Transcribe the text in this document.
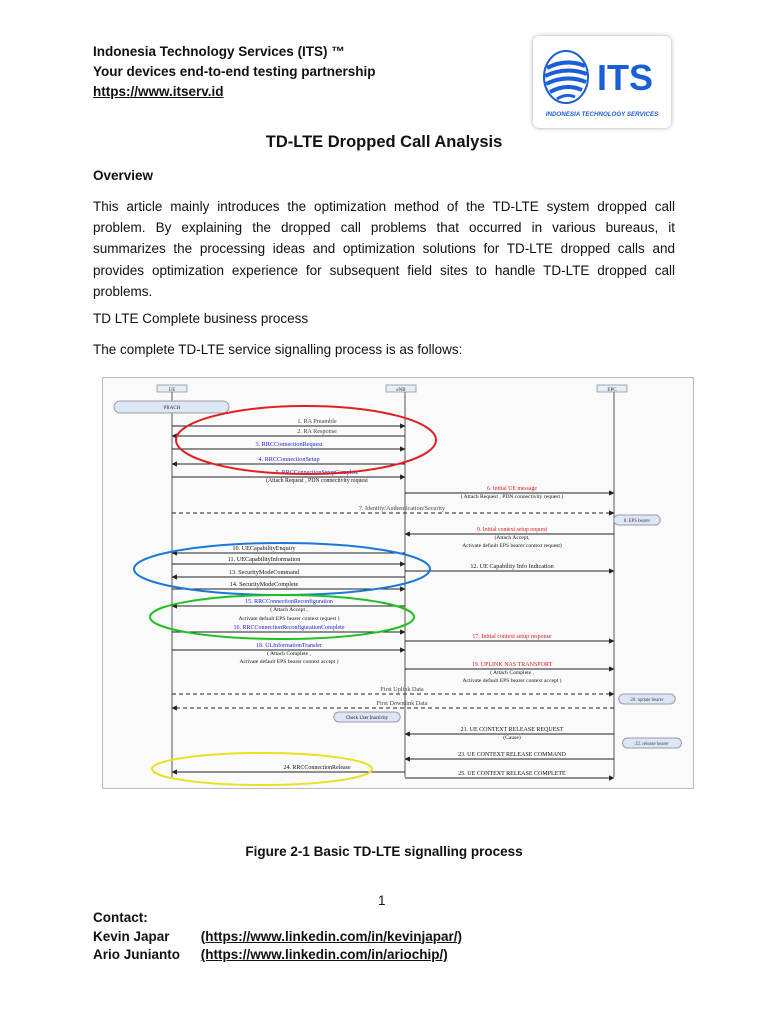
Indonesia Technology Services (ITS) ™
Your devices end-to-end testing partnership
https://www.itserv.id	ITS
INDONESIA TECHNOLOGY SERVICES
TD-LTE Dropped Call Analysis
Overview
This article mainly introduces the optimization method of the TD-LTE system dropped call problem. By explaining the dropped call problems that occurred in various bureaus, it summarizes the processing ideas and optimization solutions for TD-LTE dropped calls and provides optimization experience for subsequent field sites to handle TD-LTE dropped call problems.
TD LTE Complete business process
The complete TD-LTE service signalling process is as follows:
UE	eNB	EPC
PRACH
1. RA Preamble
2. RA Response
3. RRCConnectionRequest
4. RRCConnectionSetup
5. RRCConnectionSetupComplete
(Attach Request , PDN connectivity request
6. Initial UE message
( Attach Request , PDN connectivity request )
7. Identity/Authentication/Security
8. EPS bearer
9. Initial context setup request
(Attach Accept,
Activate default EPS bearer context request)
10. UECapabilityEnquiry
11. UECapabilityInformation
12. UE Capability Info Indication
13. SecurityModeCommand
14. SecurityModeComplete
15. RRCConnectionReconfiguration
( Attach Accept ,
Activate default EPS bearer context request )
16. RRCConnectionReconfigurationComplete
17. Initial context setup response
18. ULInformationTransfer
( Attach Complete ,
Activate default EPS bearer context accept )	19. UPLINK NAS TRANSPORT
( Attach Complete ,
Activate default EPS bearer context accept )
First Uplink Data
First Downlink Data	20. update bearer
Check User Inactivity
21. UE CONTEXT RELEASE REQUEST
(Cause)
22. release bearer
23. UE CONTEXT RELEASE COMMAND
24. RRCConnectionRelease
25. UE CONTEXT RELEASE COMPLETE
Figure 2-1 Basic TD-LTE signalling process
1
Contact:
Kevin Japar (https://www.linkedin.com/in/kevinjapar/)
Ario Junianto (https://www.linkedin.com/in/ariochip/)
